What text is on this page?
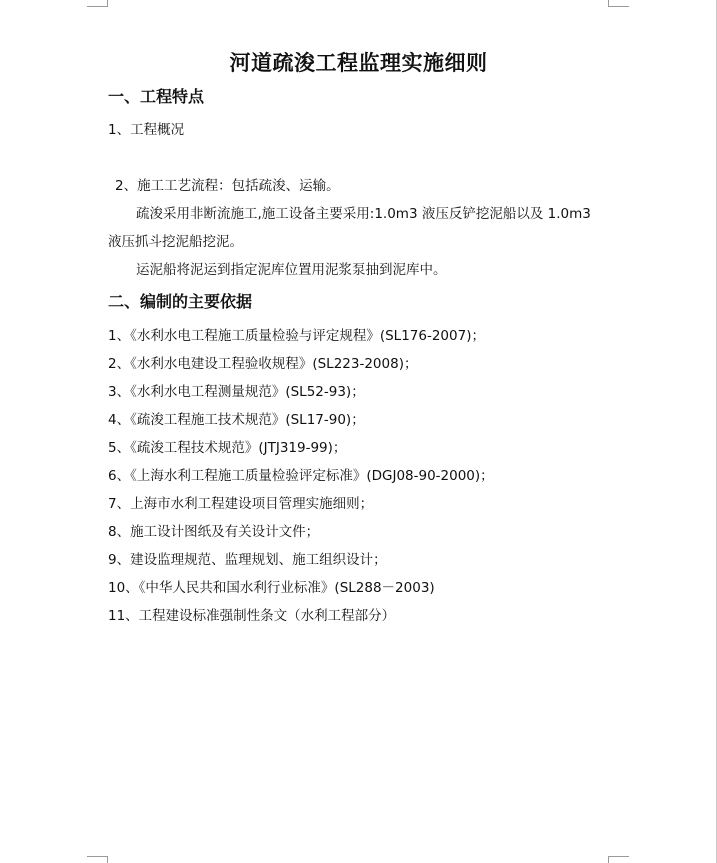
河道疏浚工程监理实施细则
一、工程特点
1、工程概况
2、施工工艺流程：包括疏浚、运输。
疏浚采用非断流施工,施工设备主要采用:1.0m3 液压反铲挖泥船以及 1.0m3
液压抓斗挖泥船挖泥。
运泥船将泥运到指定泥库位置用泥浆泵抽到泥库中。
二、编制的主要依据
1、《水利水电工程施工质量检验与评定规程》(SL176-2007)；
2、《水利水电建设工程验收规程》(SL223-2008)；
3、《水利水电工程测量规范》(SL52-93)；
4、《疏浚工程施工技术规范》(SL17-90)；
5、《疏浚工程技术规范》(JTJ319-99)；
6、《上海水利工程施工质量检验评定标准》(DGJ08-90-2000)；
7、上海市水利工程建设项目管理实施细则；
8、施工设计图纸及有关设计文件；
9、建设监理规范、监理规划、施工组织设计；
10、《中华人民共和国水利行业标准》(SL288－2003)
11、工程建设标准强制性条文（水利工程部分）
